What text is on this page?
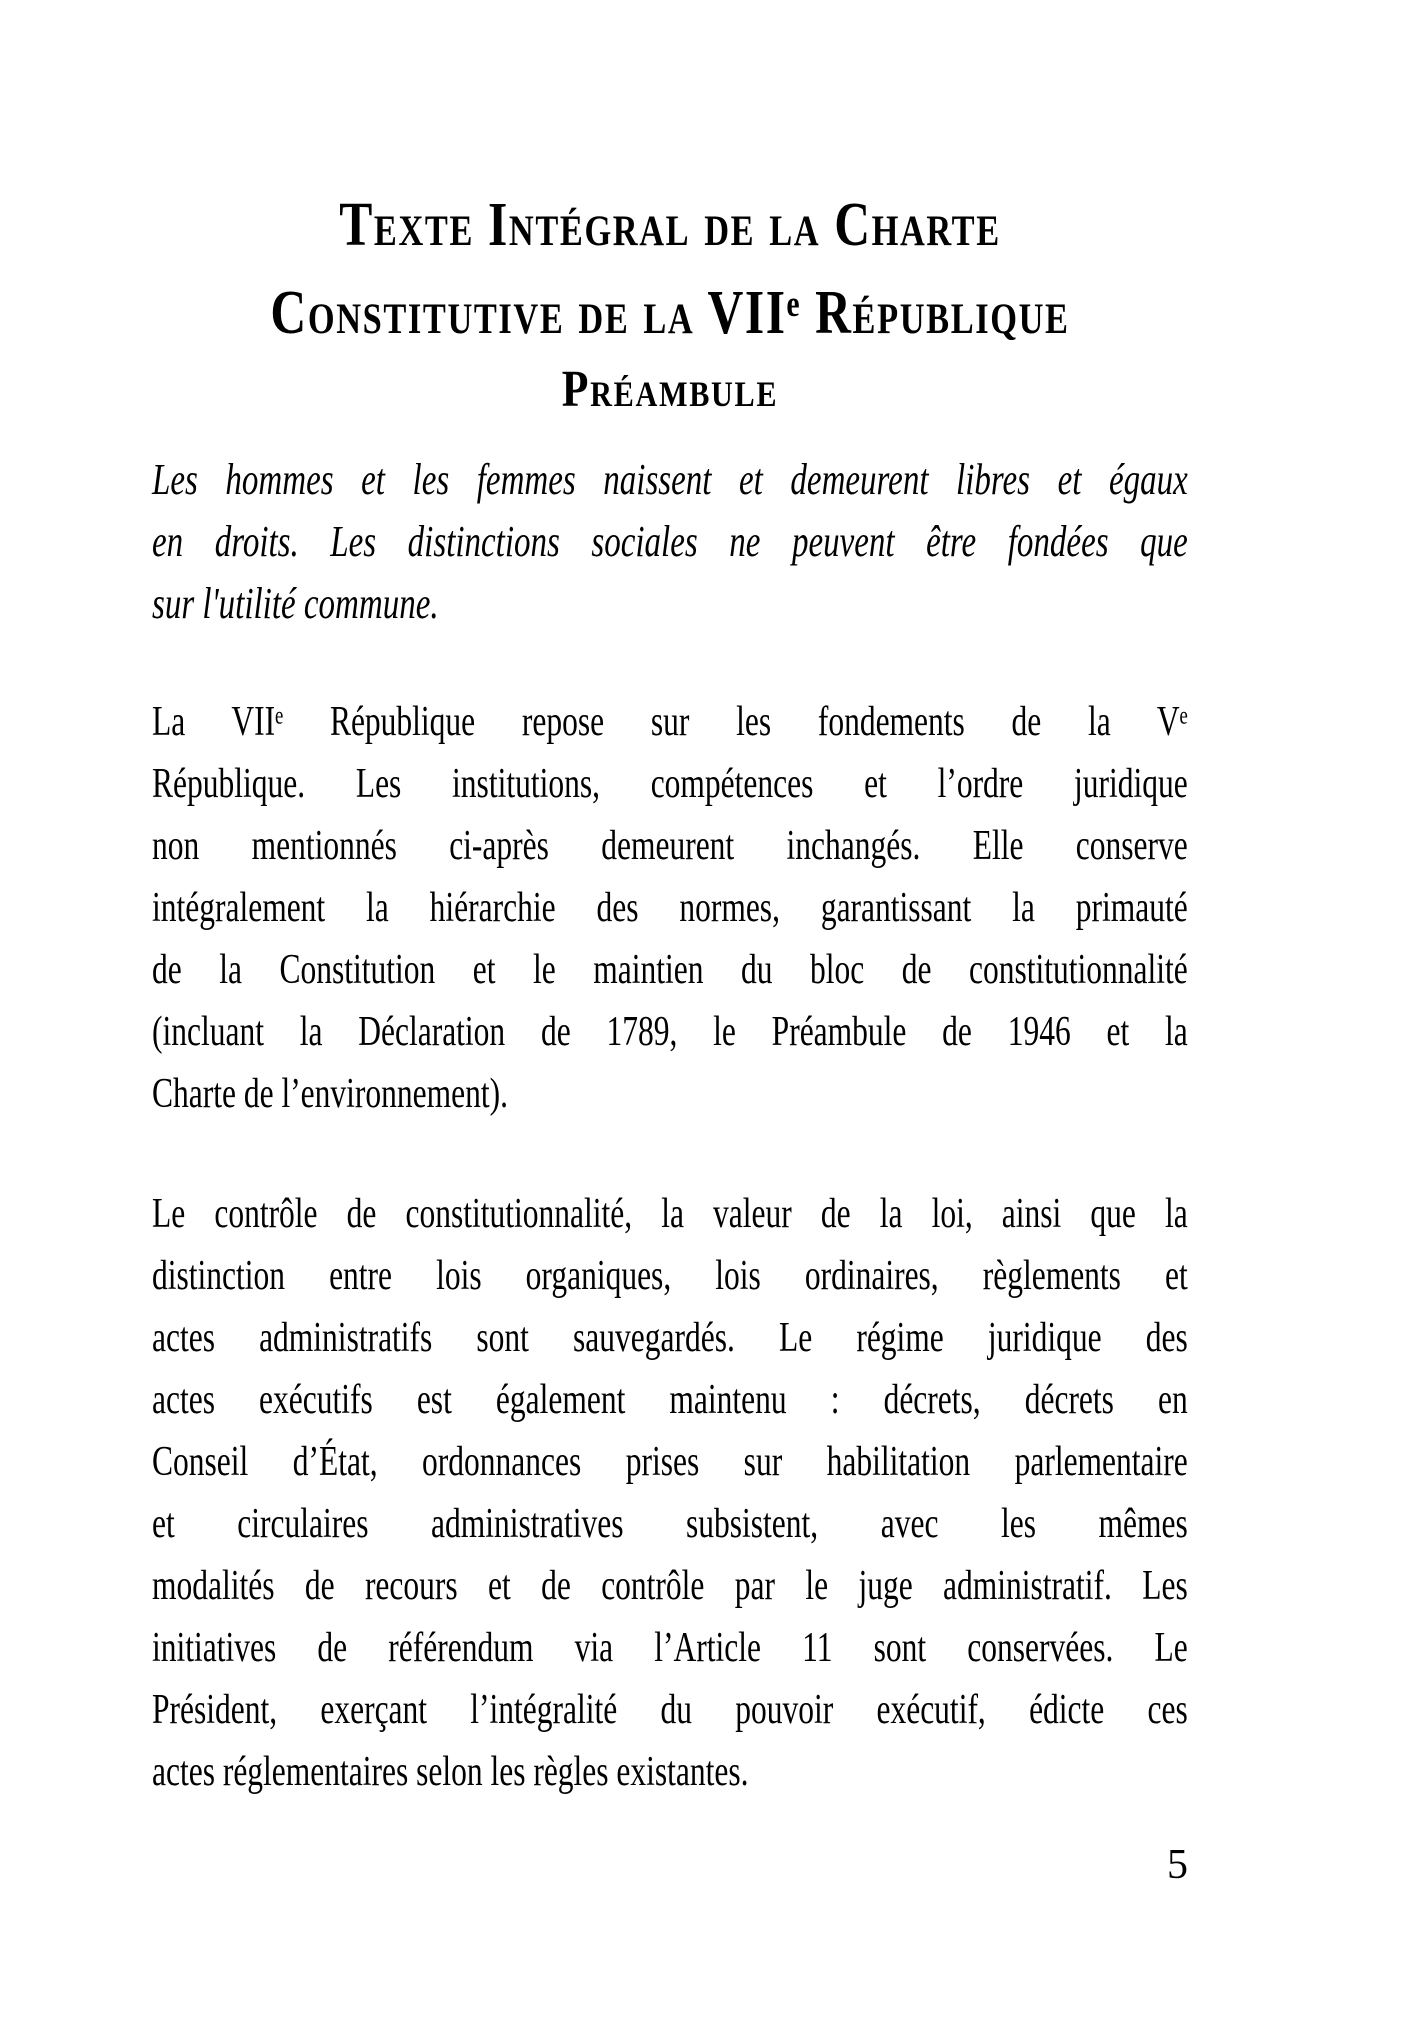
Texte Intégral de la Charte
Constitutive de la VIIᵉ République
Préambule
Les hommes et les femmes naissent et demeurent libres et égaux
en droits. Les distinctions sociales ne peuvent être fondées que
sur l'utilité commune.
La VIIᵉ République repose sur les fondements de la Vᵉ
République. Les institutions, compétences et l’ordre juridique
non mentionnés ci-après demeurent inchangés. Elle conserve
intégralement la hiérarchie des normes, garantissant la primauté
de la Constitution et le maintien du bloc de constitutionnalité
(incluant la Déclaration de 1789, le Préambule de 1946 et la
Charte de l’environnement).
Le contrôle de constitutionnalité, la valeur de la loi, ainsi que la
distinction entre lois organiques, lois ordinaires, règlements et
actes administratifs sont sauvegardés. Le régime juridique des
actes exécutifs est également maintenu : décrets, décrets en
Conseil d’État, ordonnances prises sur habilitation parlementaire
et circulaires administratives subsistent, avec les mêmes
modalités de recours et de contrôle par le juge administratif. Les
initiatives de référendum via l’Article 11 sont conservées. Le
Président, exerçant l’intégralité du pouvoir exécutif, édicte ces
actes réglementaires selon les règles existantes.
5
